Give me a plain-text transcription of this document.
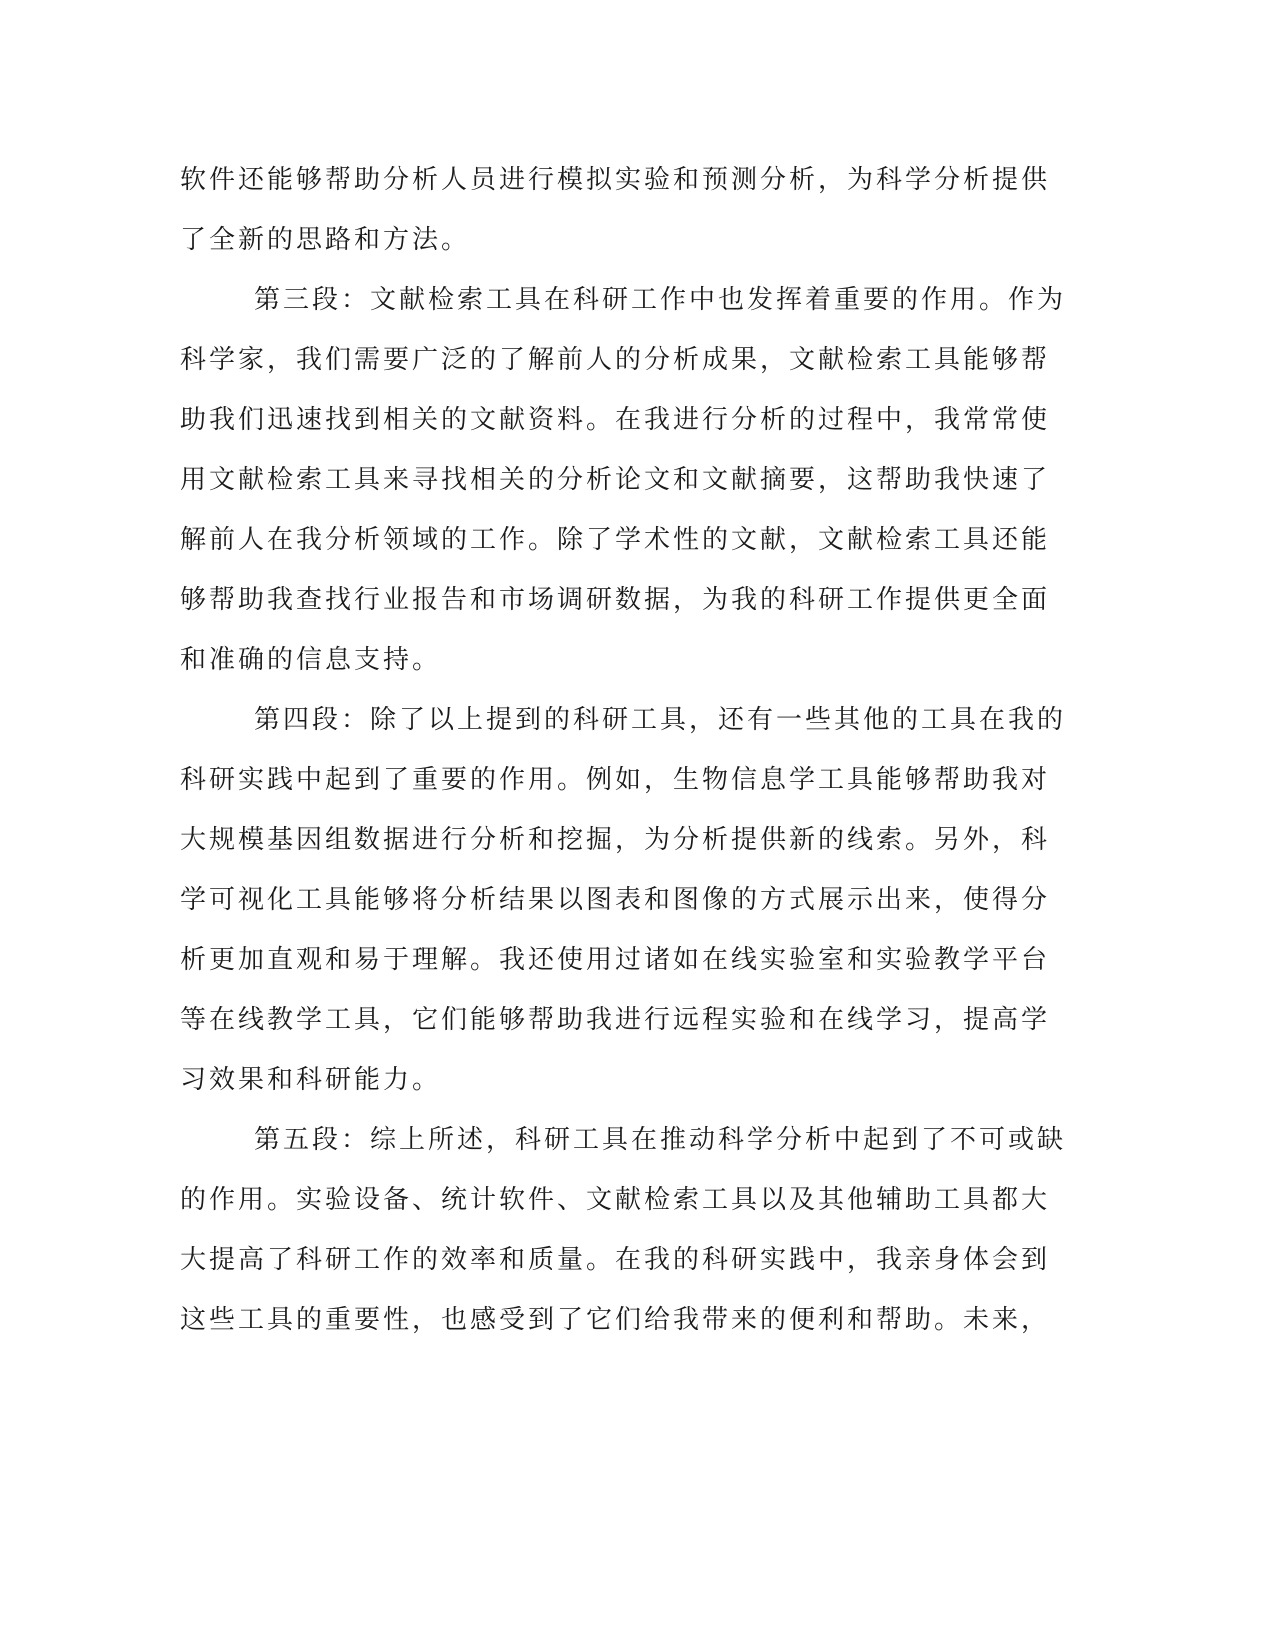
软件还能够帮助分析人员进行模拟实验和预测分析，为科学分析提供
了全新的思路和方法。
第三段：文献检索工具在科研工作中也发挥着重要的作用。作为
科学家，我们需要广泛的了解前人的分析成果，文献检索工具能够帮
助我们迅速找到相关的文献资料。在我进行分析的过程中，我常常使
用文献检索工具来寻找相关的分析论文和文献摘要，这帮助我快速了
解前人在我分析领域的工作。除了学术性的文献，文献检索工具还能
够帮助我查找行业报告和市场调研数据，为我的科研工作提供更全面
和准确的信息支持。
第四段：除了以上提到的科研工具，还有一些其他的工具在我的
科研实践中起到了重要的作用。例如，生物信息学工具能够帮助我对
大规模基因组数据进行分析和挖掘，为分析提供新的线索。另外，科
学可视化工具能够将分析结果以图表和图像的方式展示出来，使得分
析更加直观和易于理解。我还使用过诸如在线实验室和实验教学平台
等在线教学工具，它们能够帮助我进行远程实验和在线学习，提高学
习效果和科研能力。
第五段：综上所述，科研工具在推动科学分析中起到了不可或缺
的作用。实验设备、统计软件、文献检索工具以及其他辅助工具都大
大提高了科研工作的效率和质量。在我的科研实践中，我亲身体会到
这些工具的重要性，也感受到了它们给我带来的便利和帮助。未来，
